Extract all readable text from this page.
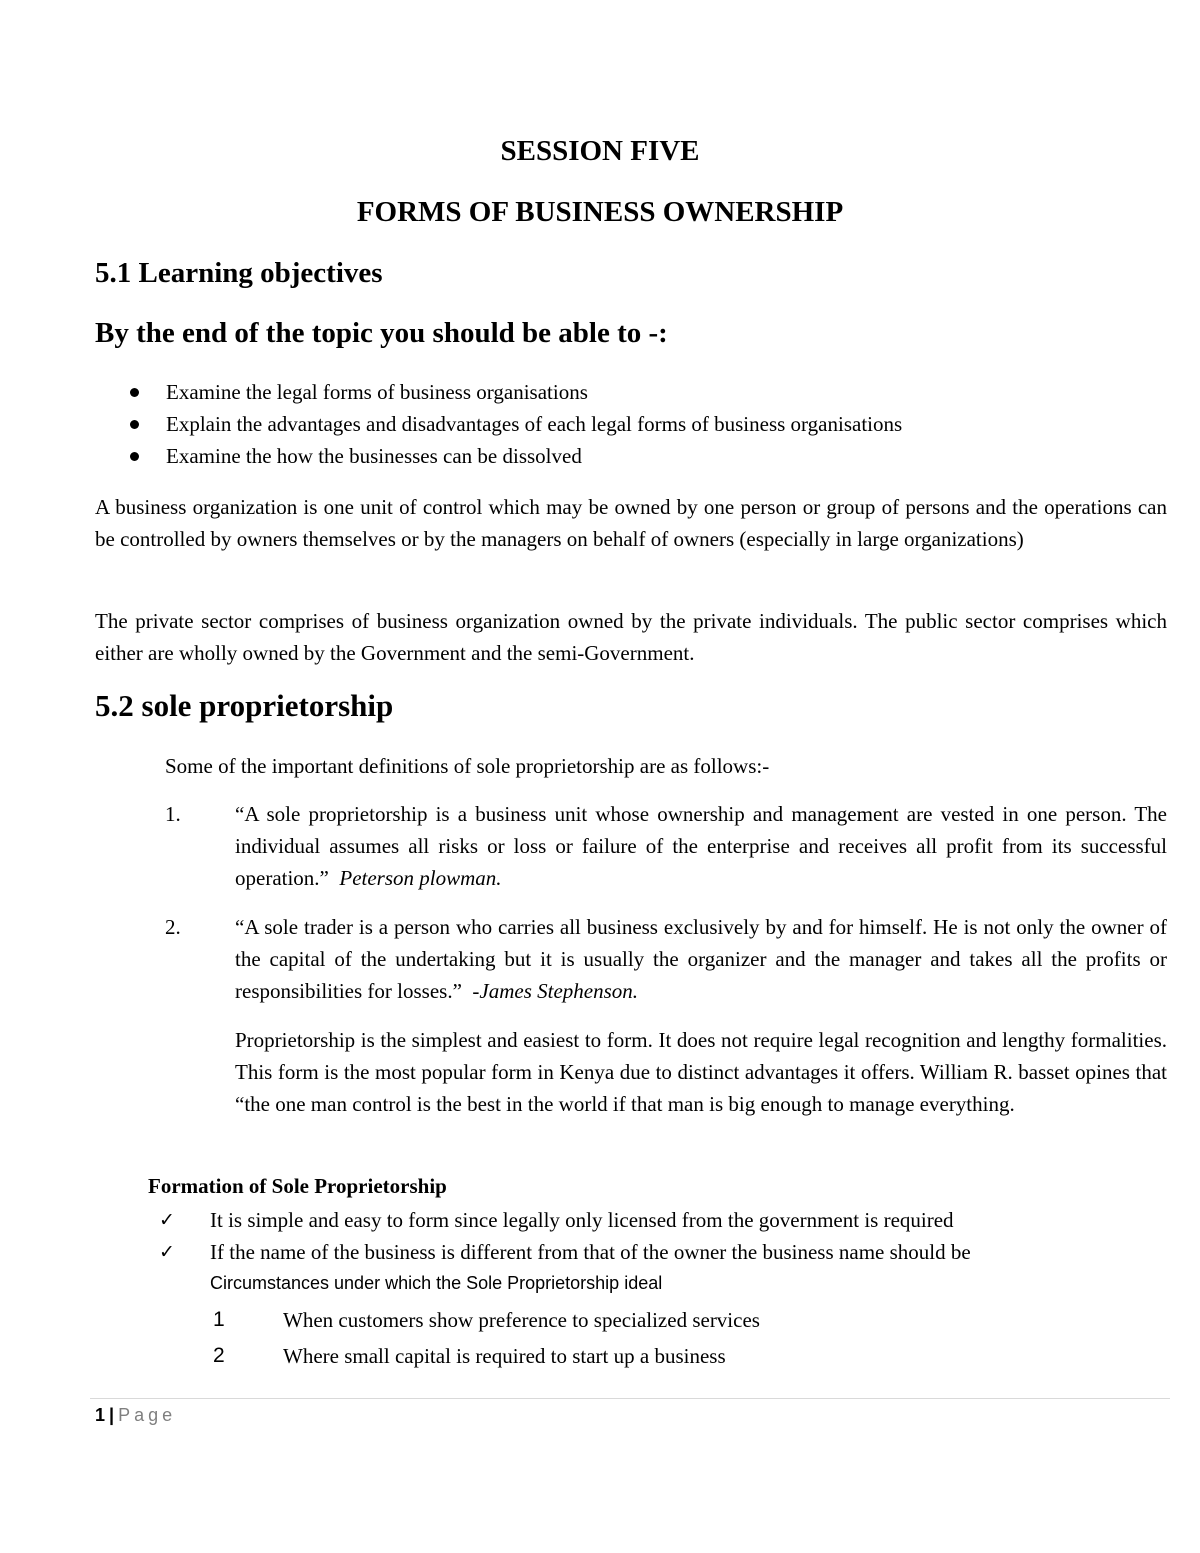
SESSION FIVE
FORMS OF BUSINESS OWNERSHIP
5.1 Learning objectives
By the end of the topic you should be able to -:
Examine the legal forms of business organisations
Explain the advantages and disadvantages of each legal forms of business organisations
Examine the how the businesses can be dissolved

A business organization is one unit of control which may be owned by one person or group of persons and the operations can be controlled by owners themselves or by the managers on behalf of owners (especially in large organizations)

The private sector comprises of business organization owned by the private individuals. The public sector comprises which either are wholly owned by the Government and the semi-Government.

5.2 sole proprietorship

Some of the important definitions of sole proprietorship are as follows:-

1.	“A sole proprietorship is a business unit whose ownership and management are vested in one person. The individual assumes all risks or loss or failure of the enterprise and receives all profit from its successful operation.” Peterson plowman.
2.	“A sole trader is a person who carries all business exclusively by and for himself. He is not only the owner of the capital of the undertaking but it is usually the organizer and the manager and takes all the profits or responsibilities for losses.” -James Stephenson.

Proprietorship is the simplest and easiest to form. It does not require legal recognition and lengthy formalities. This form is the most popular form in Kenya due to distinct advantages it offers. William R. basset opines that “the one man control is the best in the world if that man is big enough to manage everything.

Formation of Sole Proprietorship
✓ It is simple and easy to form since legally only licensed from the government is required
✓ If the name of the business is different from that of the owner the business name should be

Circumstances under which the Sole Proprietorship ideal

1	When customers show preference to specialized services
2	Where small capital is required to start up a business
1 | Page
